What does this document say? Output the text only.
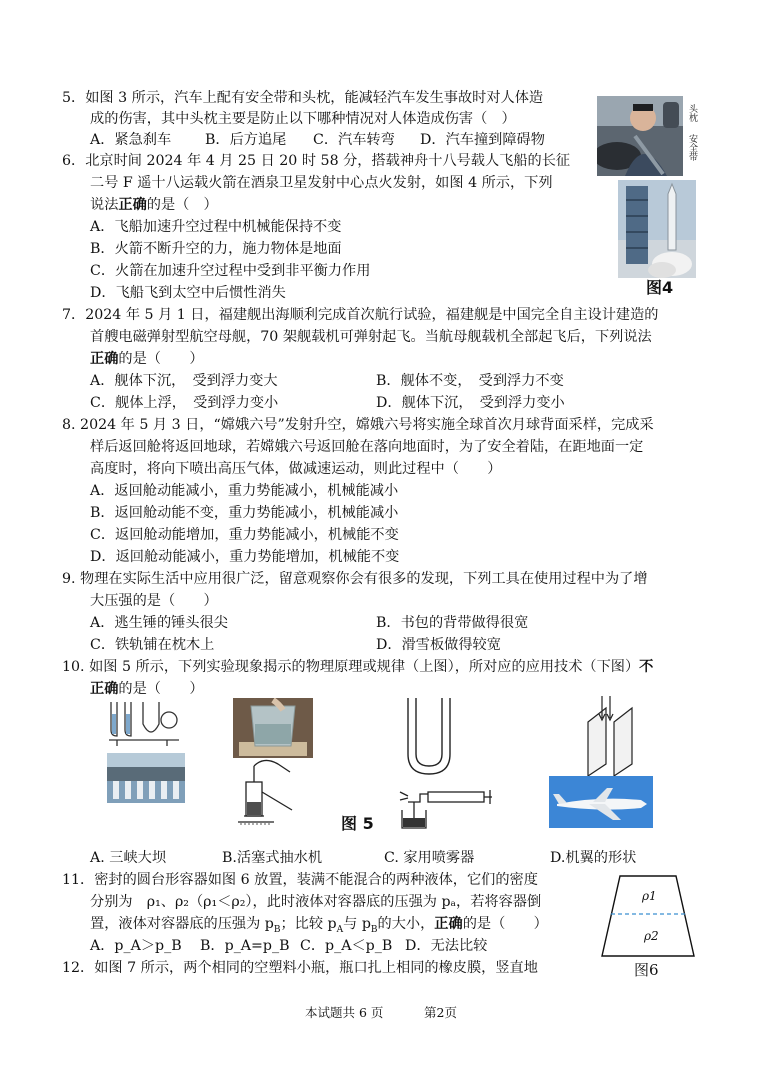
5．如图 3 所示，汽车上配有安全带和头枕，能减轻汽车发生事故时对人体造
成的伤害，其中头枕主要是防止以下哪种情况对人体造成伤害（　）
A．紧急刹车 B．后方追尾 C．汽车转弯 D．汽车撞到障碍物
头枕
安全带
6．北京时间 2024 年 4 月 25 日 20 时 58 分，搭载神舟十八号载人飞船的长征
二号 F 遥十八运载火箭在酒泉卫星发射中心点火发射，如图 4 所示，下列
说法正确的是（　）
A．飞船加速升空过程中机械能保持不变
B．火箭不断升空的力，施力物体是地面
C．火箭在加速升空过程中受到非平衡力作用
D．飞船飞到太空中后惯性消失	图4
7．2024 年 5 月 1 日，福建舰出海顺利完成首次航行试验，福建舰是中国完全自主设计建造的
首艘电磁弹射型航空母舰，70 架舰载机可弹射起飞。当航母舰载机全部起飞后，下列说法
正确的是（　　）
A．舰体下沉，　受到浮力变大	B．舰体不变，　受到浮力不变
C．舰体上浮，　受到浮力变小	D．舰体下沉，　受到浮力变小
8. 2024 年 5 月 3 日，“嫦娥六号”发射升空，嫦娥六号将实施全球首次月球背面采样，完成采
样后返回舱将返回地球，若嫦娥六号返回舱在落向地面时，为了安全着陆，在距地面一定
高度时，将向下喷出高压气体，做减速运动，则此过程中（　　）
A．返回舱动能减小，重力势能减小，机械能减小
B．返回舱动能不变，重力势能减小，机械能减小
C．返回舱动能增加，重力势能减小，机械能不变
D．返回舱动能减小，重力势能增加，机械能不变
9. 物理在实际生活中应用很广泛，留意观察你会有很多的发现，下列工具在使用过程中为了增
大压强的是（　　）
A．逃生锤的锤头很尖	B．书包的背带做得很宽
C．铁轨铺在枕木上	D．滑雪板做得较宽
10. 如图 5 所示，下列实验现象揭示的物理原理或规律（上图），所对应的应用技术（下图）不
正确的是（　　）
图 5
A. 三峡大坝	B.活塞式抽水机	C. 家用喷雾器	D.机翼的形状
11．密封的圆台形容器如图 6 放置，装满不能混合的两种液体，它们的密度
分别为　ρ₁、ρ₂（ρ₁＜ρ₂），此时液体对容器底的压强为 pₐ，若将容器倒
置，液体对容器底的压强为 $p_B$；比较 $p_A$与 $p_B$的大小，正确的是（　　）
A．p_A＞p_B B．p_A=p_B C．p_A＜p_B D．无法比较
ρ1
ρ2
图6
12．如图 7 所示，两个相同的空塑料小瓶，瓶口扎上相同的橡皮膜，竖直地
本试题共 6 页	第2页
